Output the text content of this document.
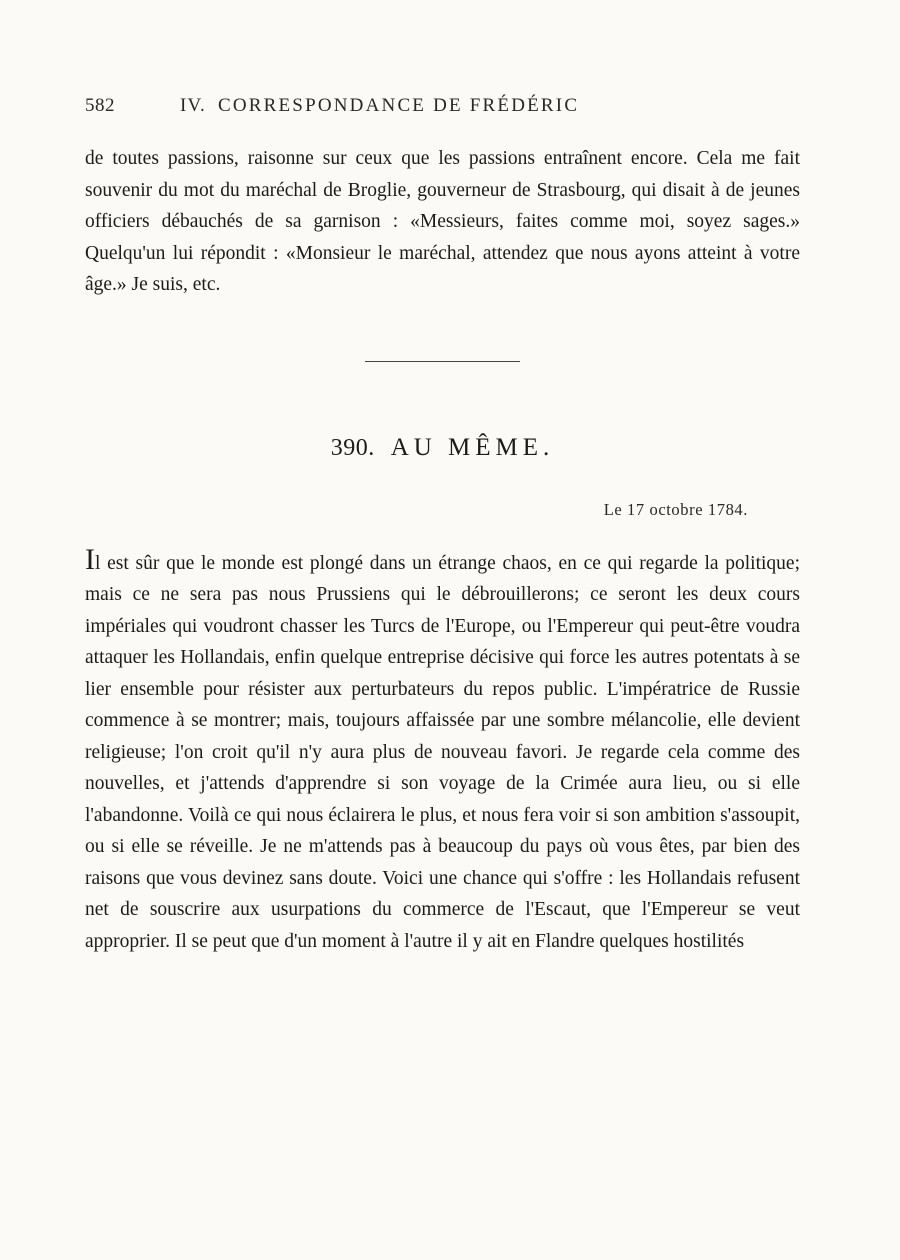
582	IV. CORRESPONDANCE DE FRÉDÉRIC

de toutes passions, raisonne sur ceux que les passions entraînent encore. Cela me fait souvenir du mot du maréchal de Broglie, gouverneur de Strasbourg, qui disait à de jeunes officiers débauchés de sa garnison : «Messieurs, faites comme moi, soyez sages.» Quelqu'un lui répondit : «Monsieur le maréchal, attendez que nous ayons atteint à votre âge.» Je suis, etc.

390. AU MÊME.
Le 17 octobre 1784.

Il est sûr que le monde est plongé dans un étrange chaos, en ce qui regarde la politique; mais ce ne sera pas nous Prussiens qui le débrouillerons; ce seront les deux cours impériales qui voudront chasser les Turcs de l'Europe, ou l'Empereur qui peut-être voudra attaquer les Hollandais, enfin quelque entreprise décisive qui force les autres potentats à se lier ensemble pour résister aux perturbateurs du repos public. L'impératrice de Russie commence à se montrer; mais, toujours affaissée par une sombre mélancolie, elle devient religieuse; l'on croit qu'il n'y aura plus de nouveau favori. Je regarde cela comme des nouvelles, et j'attends d'apprendre si son voyage de la Crimée aura lieu, ou si elle l'abandonne. Voilà ce qui nous éclairera le plus, et nous fera voir si son ambition s'assoupit, ou si elle se réveille. Je ne m'attends pas à beaucoup du pays où vous êtes, par bien des raisons que vous devinez sans doute. Voici une chance qui s'offre : les Hollandais refusent net de souscrire aux usurpations du commerce de l'Escaut, que l'Empereur se veut approprier. Il se peut que d'un moment à l'autre il y ait en Flandre quelques hostilités
